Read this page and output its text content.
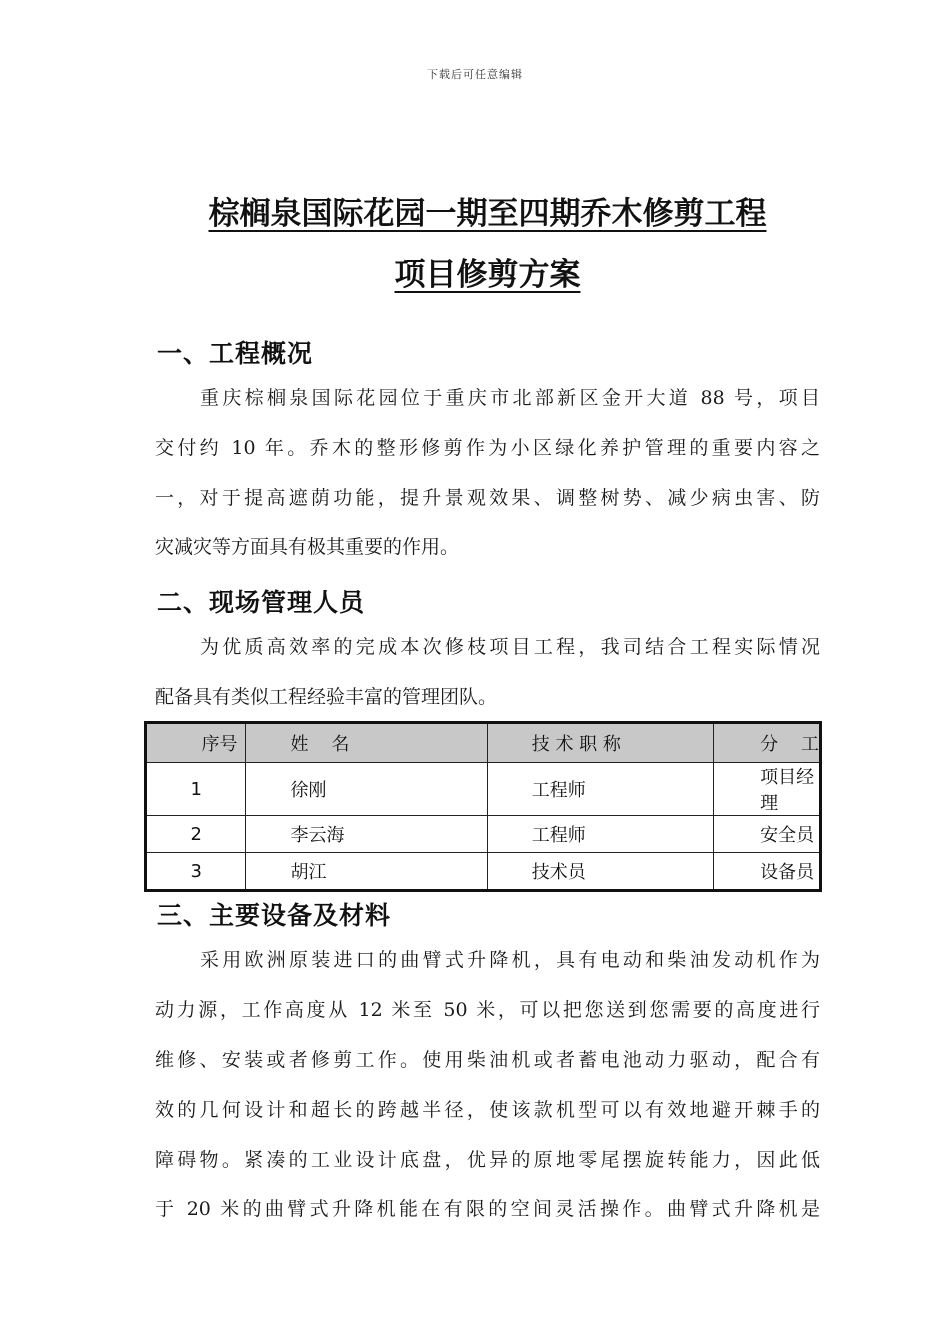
下载后可任意编辑
棕榈泉国际花园一期至四期乔木修剪工程
项目修剪方案
一、工程概况
重庆棕榈泉国际花园位于重庆市北部新区金开大道 88 号，项目
交付约 10 年。乔木的整形修剪作为小区绿化养护管理的重要内容之
一，对于提高遮荫功能，提升景观效果、调整树势、减少病虫害、防
灾减灾等方面具有极其重要的作用。
二、现场管理人员
为优质高效率的完成本次修枝项目工程，我司结合工程实际情况
配备具有类似工程经验丰富的管理团队。
序号	姓    名	技 术 职 称	分    工
1	徐刚	工程师	项目经理
2	李云海	工程师	安全员
3	胡江	技术员	设备员
三、主要设备及材料
采用欧洲原装进口的曲臂式升降机，具有电动和柴油发动机作为
动力源，工作高度从 12 米至 50 米，可以把您送到您需要的高度进行
维修、安装或者修剪工作。使用柴油机或者蓄电池动力驱动，配合有
效的几何设计和超长的跨越半径，使该款机型可以有效地避开棘手的
障碍物。紧凑的工业设计底盘，优异的原地零尾摆旋转能力，因此低
于 20 米的曲臂式升降机能在有限的空间灵活操作。曲臂式升降机是
